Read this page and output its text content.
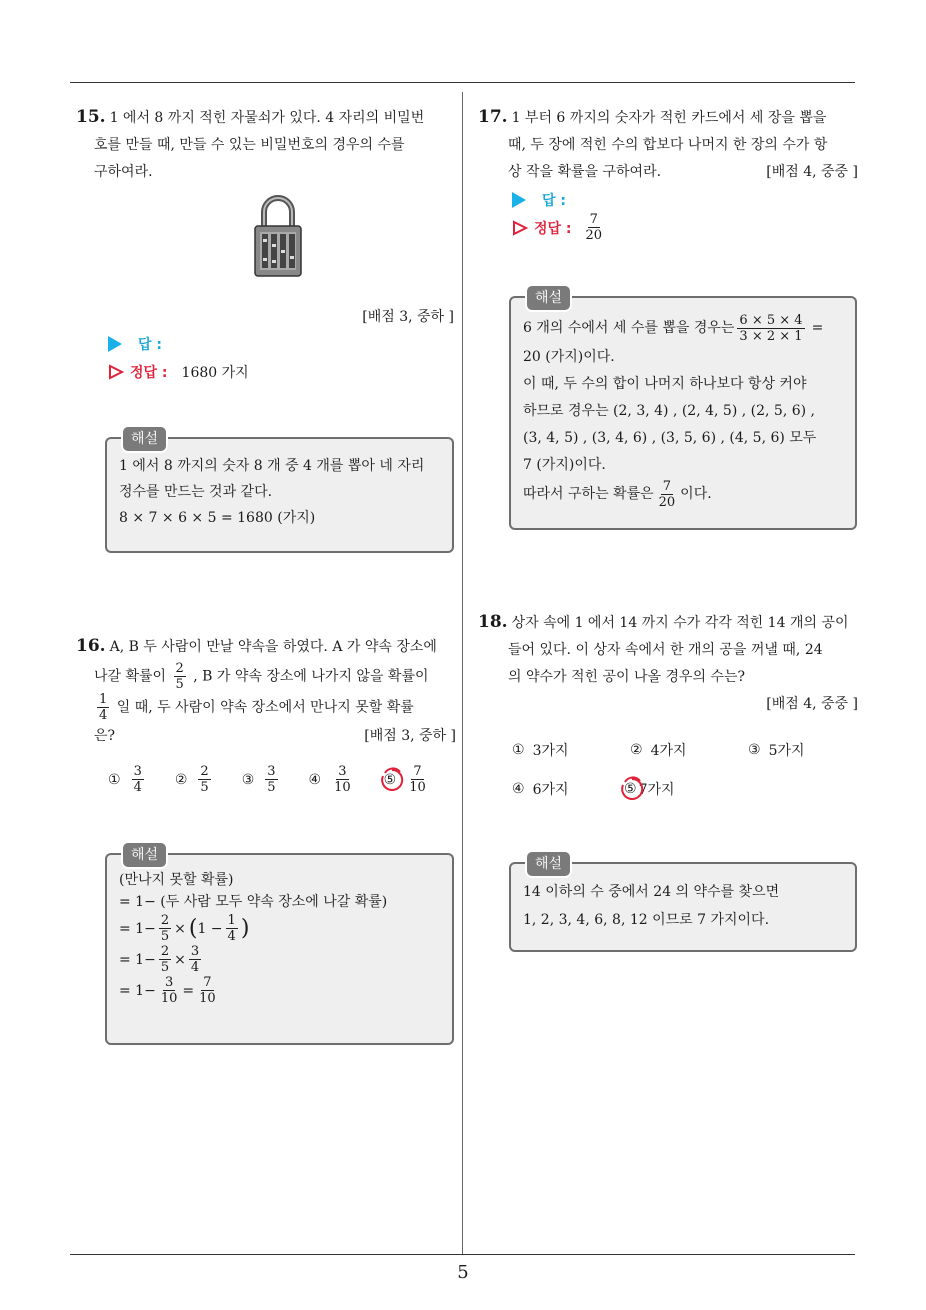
15. 1 에서 8 까지 적힌 자물쇠가 있다. 4 자리의 비밀번
호를 만들 때, 만들 수 있는 비밀번호의 경우의 수를
구하여라.
[배점 3, 중하 ]
답 :
정답 : 1680 가지
해설
1 에서 8 까지의 숫자 8 개 중 4 개를 뽑아 네 자리
정수를 만드는 것과 같다.
8 × 7 × 6 × 5 = 1680 (가지)
16. A, B 두 사람이 만날 약속을 하였다. A 가 약속 장소에
나갈 확률이 $\frac{2}{5}$ , B 가 약속 장소에 나가지 않을 확률이
$\frac{1}{4}$ 일 때, 두 사람이 약속 장소에서 만나지 못할 확률
은?	[배점 3, 중하 ]
① $\frac{3}{4}$ ② $\frac{2}{5}$ ③ $\frac{3}{5}$ ④ $\frac{3}{10}$ ⑤ $\frac{7}{10}$
해설
(만나지 못할 확률)
= 1− (두 사람 모두 약속 장소에 나갈 확률)
= $1- \frac{2}{5}$ × ( $1 - \frac{1}{4}$ )
= $1- \frac{2}{5} \times \frac{3}{4}$
= $1- \frac{3}{10} = \frac{7}{10}$
17. 1 부터 6 까지의 숫자가 적힌 카드에서 세 장을 뽑을
때, 두 장에 적힌 수의 합보다 나머지 한 장의 수가 항
상 작을 확률을 구하여라.	[배점 4, 중중 ]
답 :
정답 : $\frac{7}{20}$
해설
6 개의 수에서 세 수를 뽑을 경우는 $\frac{6 \times 5 \times 4}{3 \times 2 \times 1}$ =
20 (가지)이다.
이 때, 두 수의 합이 나머지 하나보다 항상 커야
하므로 경우는 (2, 3, 4) , (2, 4, 5) , (2, 5, 6) ,
(3, 4, 5) , (3, 4, 6) , (3, 5, 6) , (4, 5, 6) 모두
7 (가지)이다.
따라서 구하는 확률은 $\frac{7}{20}$ 이다.
18. 상자 속에 1 에서 14 까지 수가 각각 적힌 14 개의 공이
들어 있다. 이 상자 속에서 한 개의 공을 꺼낼 때, 24
의 약수가 적힌 공이 나올 경우의 수는?
[배점 4, 중중 ]
① 3가지	② 4가지	③ 5가지
④ 6가지	⑤ 7가지
해설
14 이하의 수 중에서 24 의 약수를 찾으면
1, 2, 3, 4, 6, 8, 12 이므로 7 가지이다.
5
